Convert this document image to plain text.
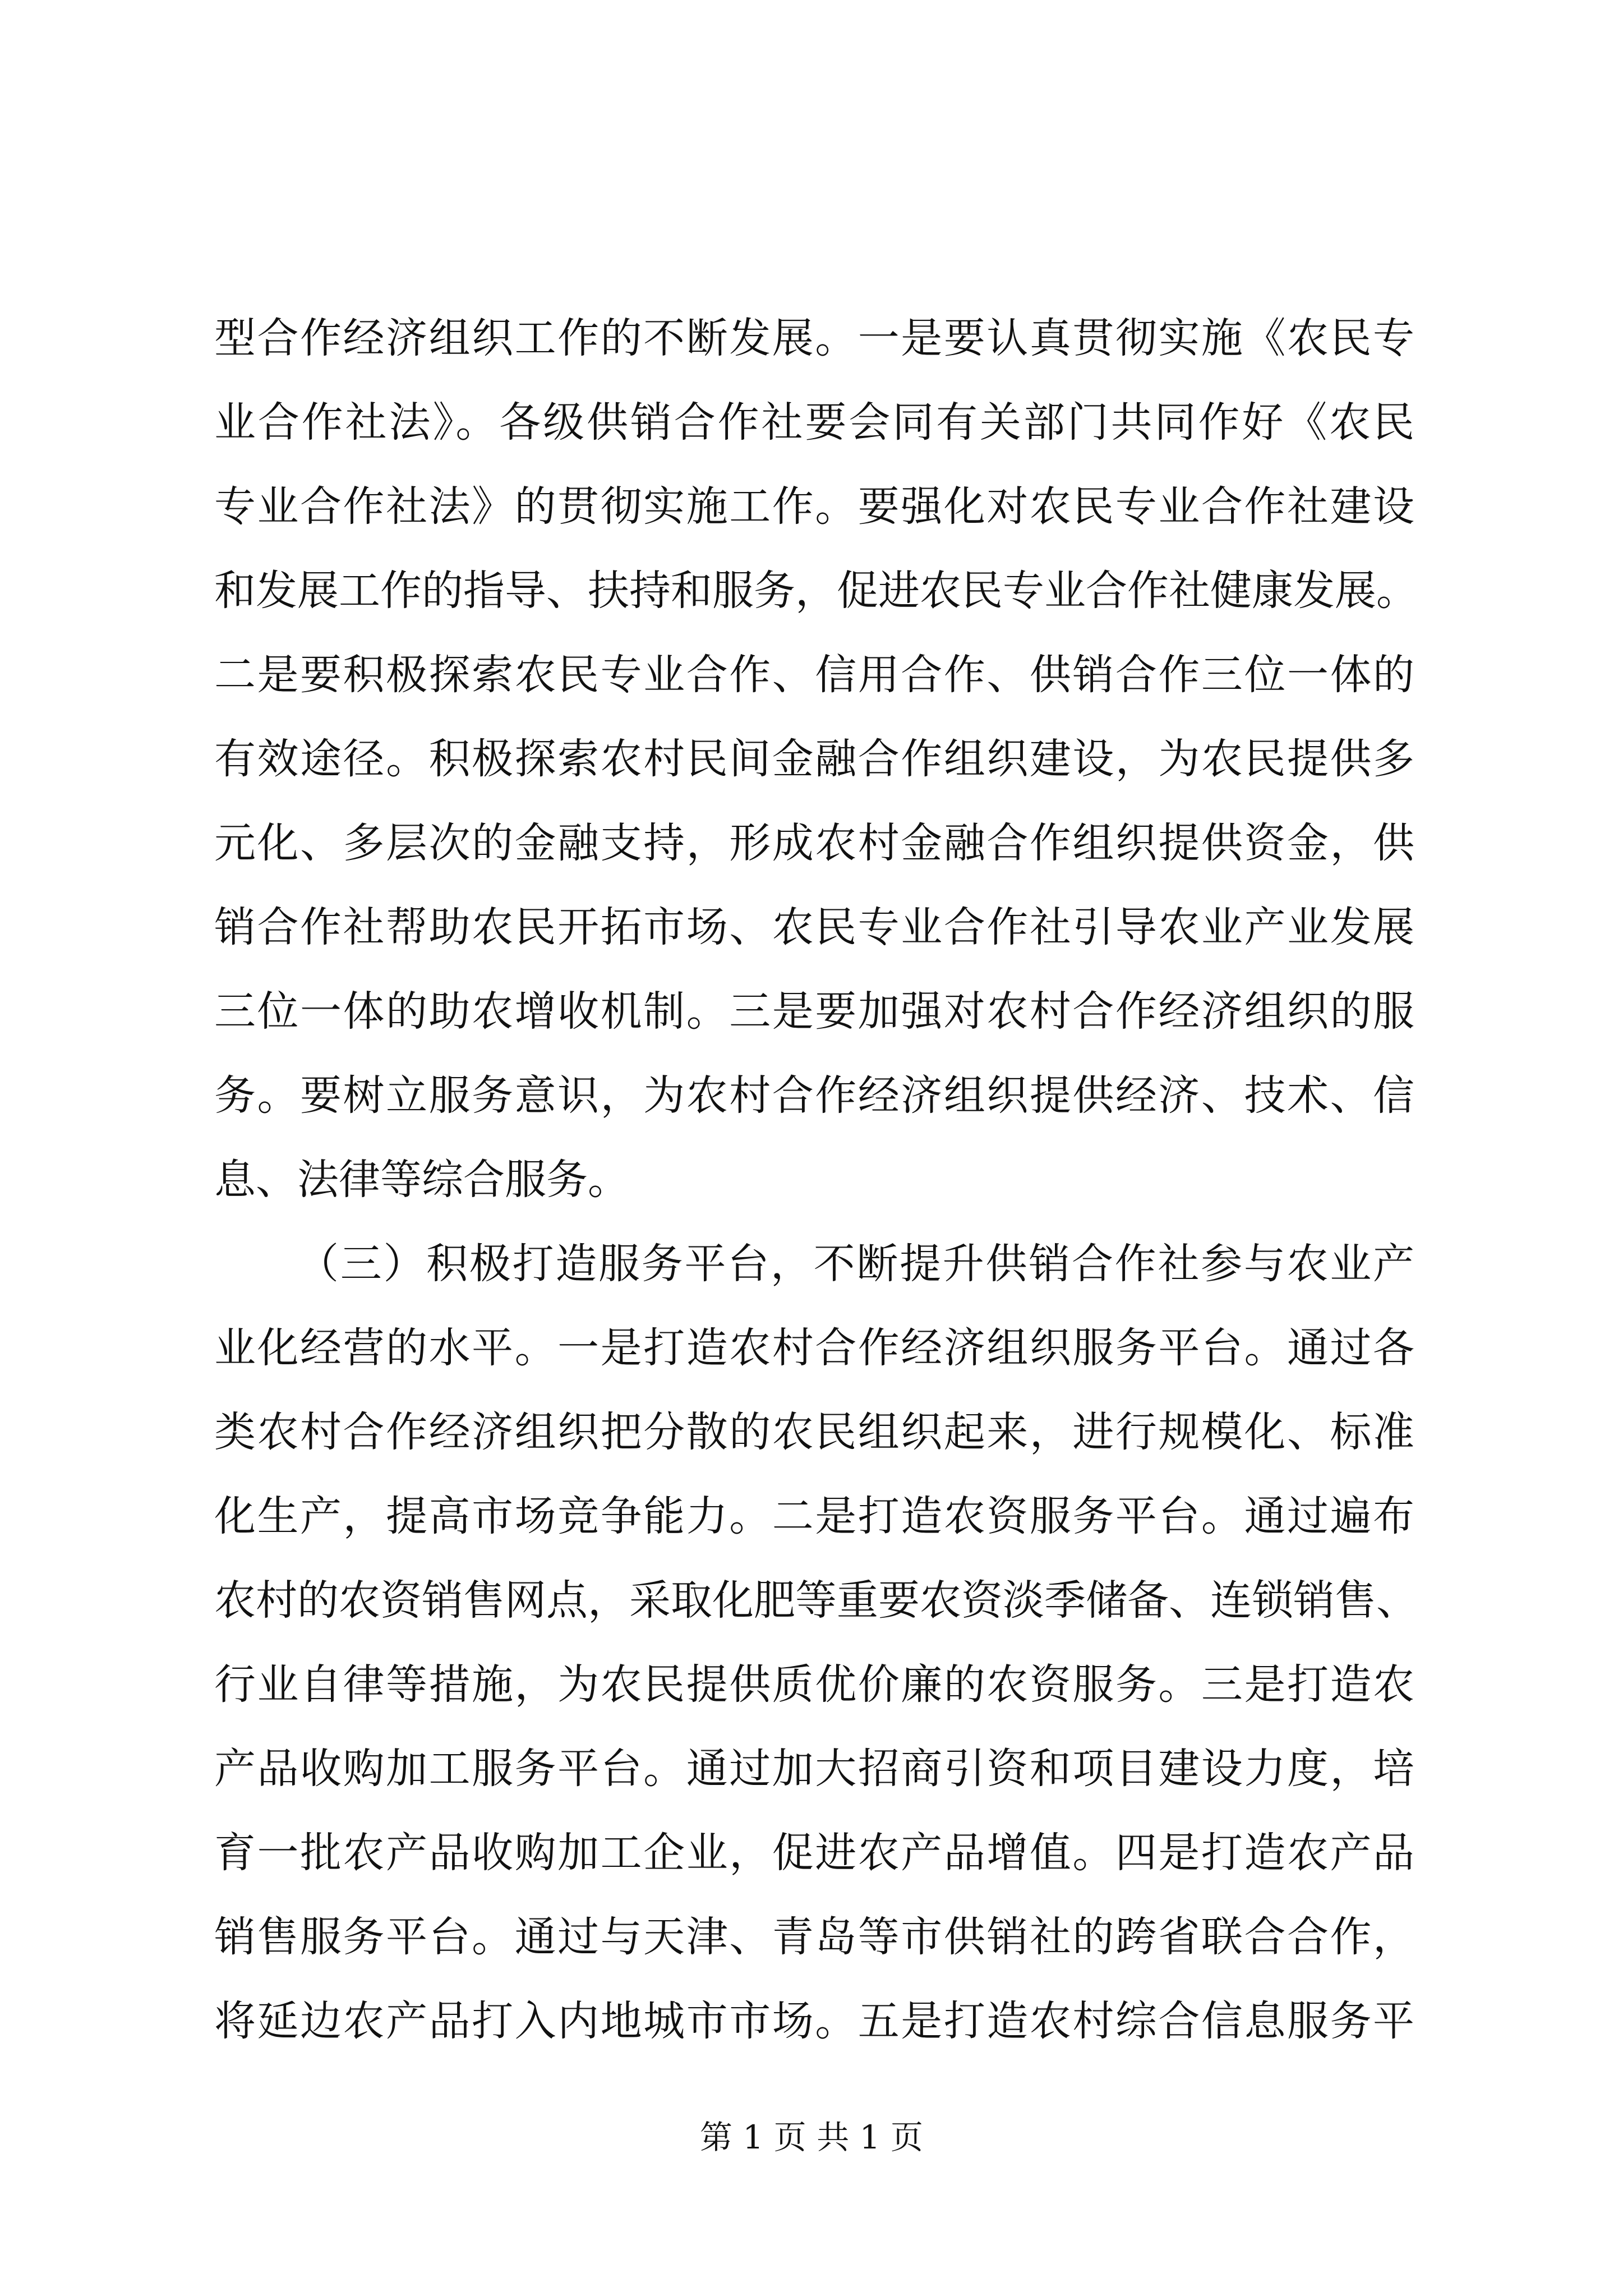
型合作经济组织工作的不断发展。一是要认真贯彻实施《农民专
业合作社法》。各级供销合作社要会同有关部门共同作好《农民
专业合作社法》的贯彻实施工作。要强化对农民专业合作社建设
和发展工作的指导、扶持和服务，促进农民专业合作社健康发展。
二是要积极探索农民专业合作、信用合作、供销合作三位一体的
有效途径。积极探索农村民间金融合作组织建设，为农民提供多
元化、多层次的金融支持，形成农村金融合作组织提供资金，供
销合作社帮助农民开拓市场、农民专业合作社引导农业产业发展
三位一体的助农增收机制。三是要加强对农村合作经济组织的服
务。要树立服务意识，为农村合作经济组织提供经济、技术、信
息、法律等综合服务。
（三）积极打造服务平台，不断提升供销合作社参与农业产
业化经营的水平。一是打造农村合作经济组织服务平台。通过各
类农村合作经济组织把分散的农民组织起来，进行规模化、标准
化生产，提高市场竞争能力。二是打造农资服务平台。通过遍布
农村的农资销售网点，采取化肥等重要农资淡季储备、连锁销售、
行业自律等措施，为农民提供质优价廉的农资服务。三是打造农
产品收购加工服务平台。通过加大招商引资和项目建设力度，培
育一批农产品收购加工企业，促进农产品增值。四是打造农产品
销售服务平台。通过与天津、青岛等市供销社的跨省联合合作，
将延边农产品打入内地城市市场。五是打造农村综合信息服务平
第 1 页 共 1 页
